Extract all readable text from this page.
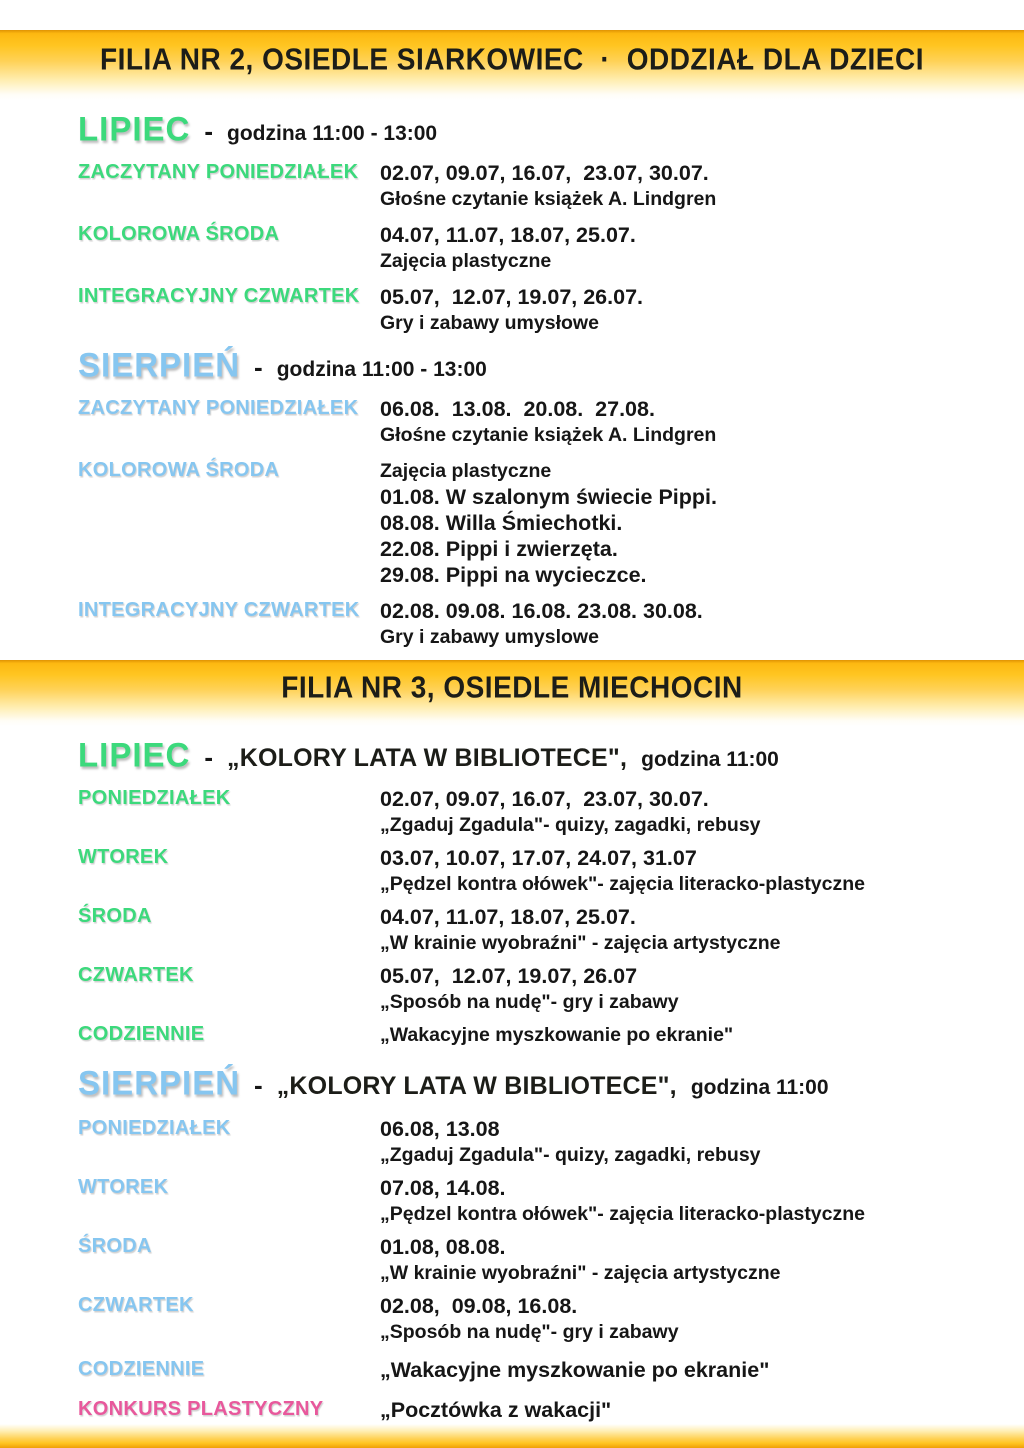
FILIA NR 2, OSIEDLE SIARKOWIEC  ·  ODDZIAŁ DLA DZIECI
LIPIEC - godzina 11:00 - 13:00
ZACZYTANY PONIEDZIAŁEK	02.07, 09.07, 16.07,  23.07, 30.07.
Głośne czytanie książek A. Lindgren
KOLOROWA ŚRODA	04.07, 11.07, 18.07, 25.07.
Zajęcia plastyczne
INTEGRACYJNY CZWARTEK 05.07,  12.07, 19.07, 26.07.
Gry i zabawy umysłowe
SIERPIEŃ - godzina 11:00 - 13:00
ZACZYTANY PONIEDZIAŁEK	06.08.  13.08.  20.08.  27.08.
Głośne czytanie książek A. Lindgren
KOLOROWA ŚRODA	Zajęcia plastyczne
01.08. W szalonym świecie Pippi.
08.08. Willa Śmiechotki.
22.08. Pippi i zwierzęta.
29.08. Pippi na wycieczce.
INTEGRACYJNY CZWARTEK 02.08. 09.08. 16.08. 23.08. 30.08.
Gry i zabawy umyslowe
FILIA NR 3, OSIEDLE MIECHOCIN
LIPIEC - „KOLORY LATA W BIBLIOTECE", godzina 11:00
PONIEDZIAŁEK	02.07, 09.07, 16.07,  23.07, 30.07.
„Zgaduj Zgadula"- quizy, zagadki, rebusy
WTOREK	03.07, 10.07, 17.07, 24.07, 31.07
„Pędzel kontra ołówek"- zajęcia literacko-plastyczne
ŚRODA	04.07, 11.07, 18.07, 25.07.
„W krainie wyobraźni" - zajęcia artystyczne
CZWARTEK	05.07,  12.07, 19.07, 26.07
„Sposób na nudę"- gry i zabawy
CODZIENNIE	„Wakacyjne myszkowanie po ekranie"
SIERPIEŃ - „KOLORY LATA W BIBLIOTECE", godzina 11:00
PONIEDZIAŁEK	06.08, 13.08
„Zgaduj Zgadula"- quizy, zagadki, rebusy
WTOREK	07.08, 14.08.
„Pędzel kontra ołówek"- zajęcia literacko-plastyczne
ŚRODA	01.08, 08.08.
„W krainie wyobraźni" - zajęcia artystyczne
CZWARTEK	02.08,  09.08, 16.08.
„Sposób na nudę"- gry i zabawy
CODZIENNIE	„Wakacyjne myszkowanie po ekranie"
KONKURS PLASTYCZNY	„Pocztówka z wakacji"
